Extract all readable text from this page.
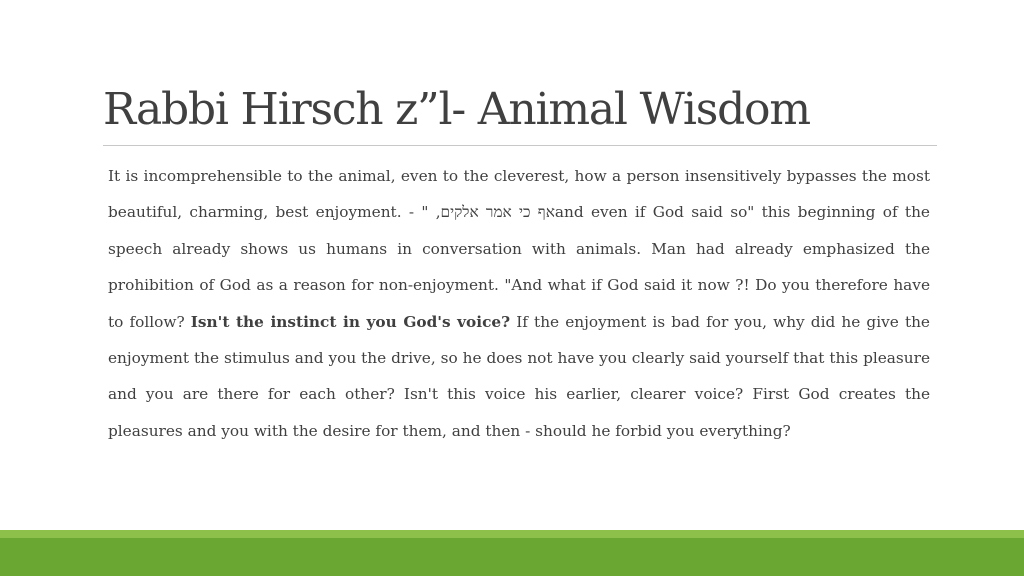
Rabbi Hirsch z”l- Animal Wisdom
It is incomprehensible to the animal, even to the cleverest, how a person insensitively bypasses the most beautiful, charming, best enjoyment. - " אף כי אמר אלקים,and even if God said so" this beginning of the speech already shows us humans in conversation with animals. Man had already emphasized the prohibition of God as a reason for non-enjoyment. "And what if God said it now ?! Do you therefore have to follow? Isn't the instinct in you God's voice? If the enjoyment is bad for you, why did he give the enjoyment the stimulus and you the drive, so he does not have you clearly said yourself that this pleasure and you are there for each other? Isn't this voice his earlier, clearer voice? First God creates the pleasures and you with the desire for them, and then - should he forbid you everything?
